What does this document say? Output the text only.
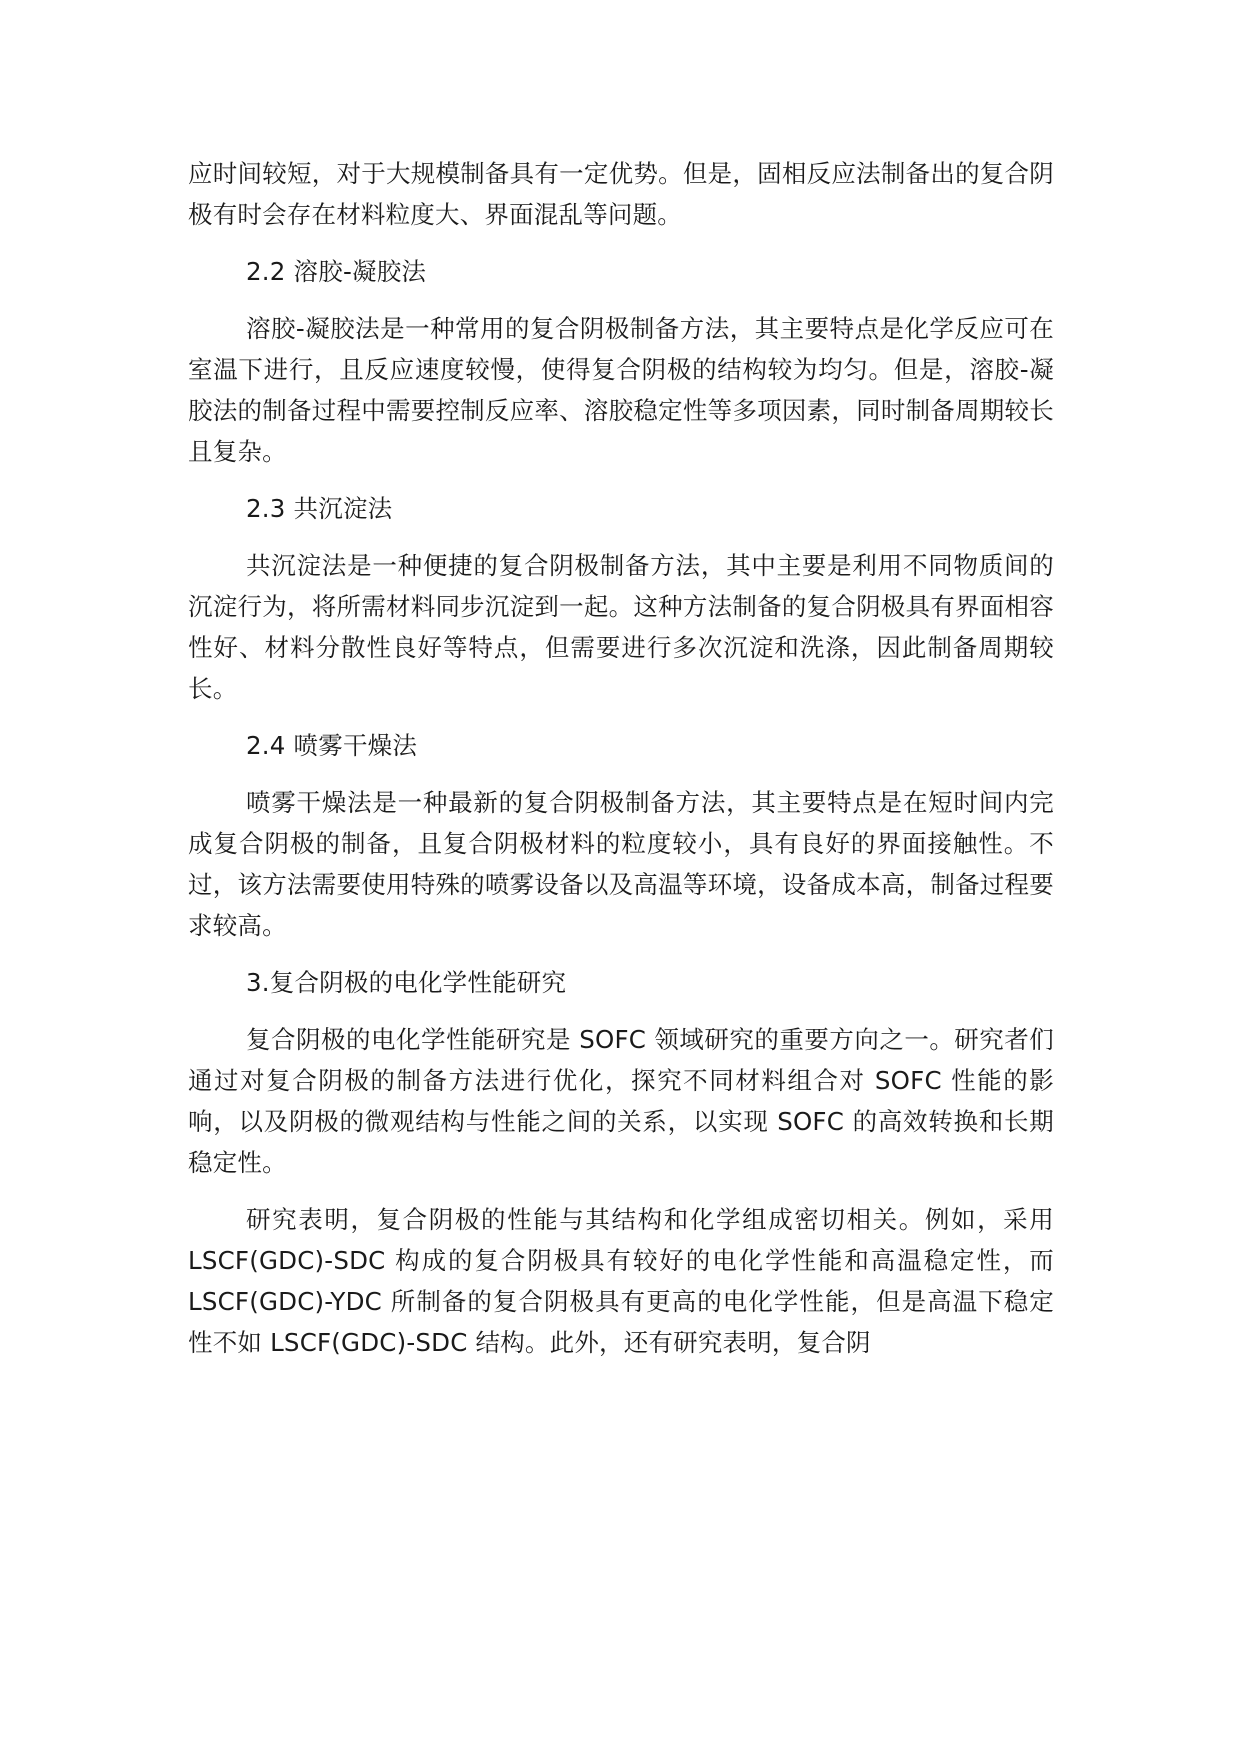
应时间较短，对于大规模制备具有一定优势。但是，固相反应法制备出的复合阴极有时会存在材料粒度大、界面混乱等问题。

2.2 溶胶-凝胶法

溶胶-凝胶法是一种常用的复合阴极制备方法，其主要特点是化学反应可在室温下进行，且反应速度较慢，使得复合阴极的结构较为均匀。但是，溶胶-凝胶法的制备过程中需要控制反应率、溶胶稳定性等多项因素，同时制备周期较长且复杂。

2.3 共沉淀法

共沉淀法是一种便捷的复合阴极制备方法，其中主要是利用不同物质间的沉淀行为，将所需材料同步沉淀到一起。这种方法制备的复合阴极具有界面相容性好、材料分散性良好等特点，但需要进行多次沉淀和洗涤，因此制备周期较长。

2.4 喷雾干燥法

喷雾干燥法是一种最新的复合阴极制备方法，其主要特点是在短时间内完成复合阴极的制备，且复合阴极材料的粒度较小，具有良好的界面接触性。不过，该方法需要使用特殊的喷雾设备以及高温等环境，设备成本高，制备过程要求较高。

3.复合阴极的电化学性能研究

复合阴极的电化学性能研究是 SOFC 领域研究的重要方向之一。研究者们通过对复合阴极的制备方法进行优化，探究不同材料组合对 SOFC 性能的影响，以及阴极的微观结构与性能之间的关系，以实现 SOFC 的高效转换和长期稳定性。

研究表明，复合阴极的性能与其结构和化学组成密切相关。例如，采用 LSCF(GDC)-SDC 构成的复合阴极具有较好的电化学性能和高温稳定性，而 LSCF(GDC)-YDC 所制备的复合阴极具有更高的电化学性能，但是高温下稳定性不如 LSCF(GDC)-SDC 结构。此外，还有研究表明，复合阴
